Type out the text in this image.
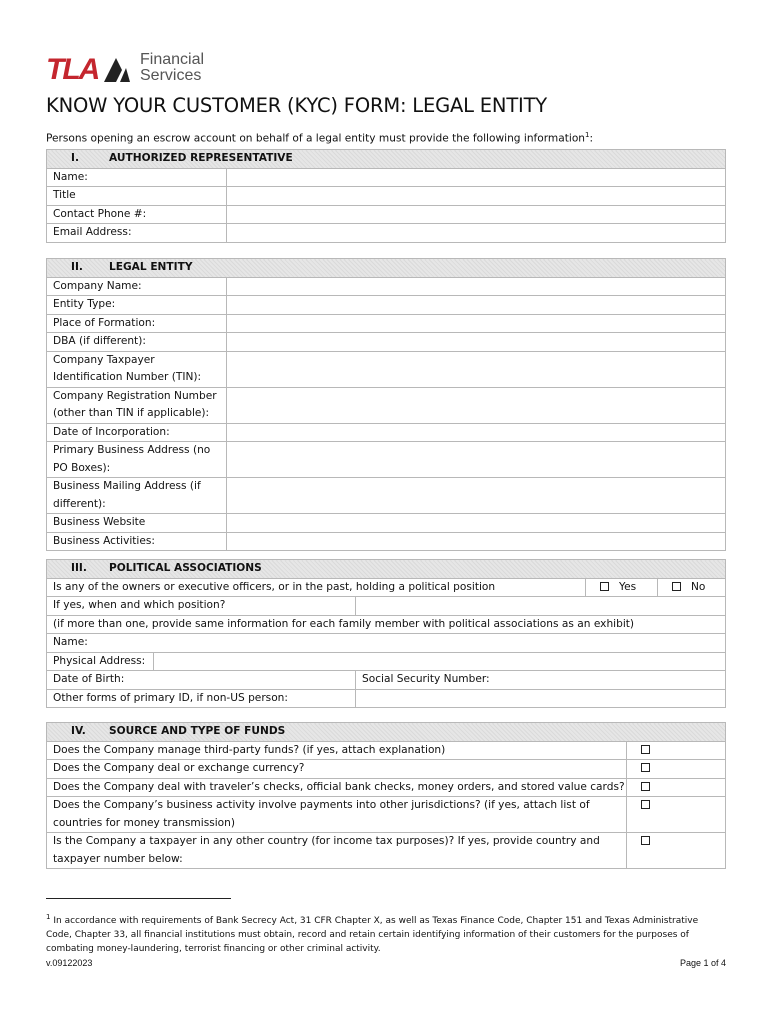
TLA	Financial
Services
KNOW YOUR CUSTOMER (KYC) FORM: LEGAL ENTITY
Persons opening an escrow account on behalf of a legal entity must provide the following information$^1$:
I. AUTHORIZED REPRESENTATIVE	
Name:	
Title	
Contact Phone #:	
Email Address:	
II. LEGAL ENTITY	
Company Name:	
Entity Type:	
Place of Formation:	
DBA (if different):	
Company Taxpayer Identification Number (TIN):	
Company Registration Number (other than TIN if applicable):	
Date of Incorporation:	
Primary Business Address (no PO Boxes):	
Business Mailing Address (if different):	
Business Website	
Business Activities:	
III. POLITICAL ASSOCIATIONS				
Is any of the owners or executive officers, or in the past, holding a political position			Yes	No
If yes, when and which position?				
(if more than one, provide same information for each family member with political associations as an exhibit)				
Name:				
Physical Address:				
Date of Birth:		Social Security Number:		
Other forms of primary ID, if non-US person:				
IV. SOURCE AND TYPE OF FUNDS	
Does the Company manage third-party funds? (if yes, attach explanation)	
Does the Company deal or exchange currency?	
Does the Company deal with traveler’s checks, official bank checks, money orders, and stored value cards?	
Does the Company’s business activity involve payments into other jurisdictions? (if yes, attach list of countries for money transmission)	
Is the Company a taxpayer in any other country (for income tax purposes)? If yes, provide country and taxpayer number below:	
$^1$ In accordance with requirements of Bank Secrecy Act, 31 CFR Chapter X, as well as Texas Finance Code, Chapter 151 and Texas Administrative Code, Chapter 33, all financial institutions must obtain, record and retain certain identifying information of their customers for the purposes of combating money-laundering, terrorist financing or other criminal activity.
v.09122023	Page 1 of 4
